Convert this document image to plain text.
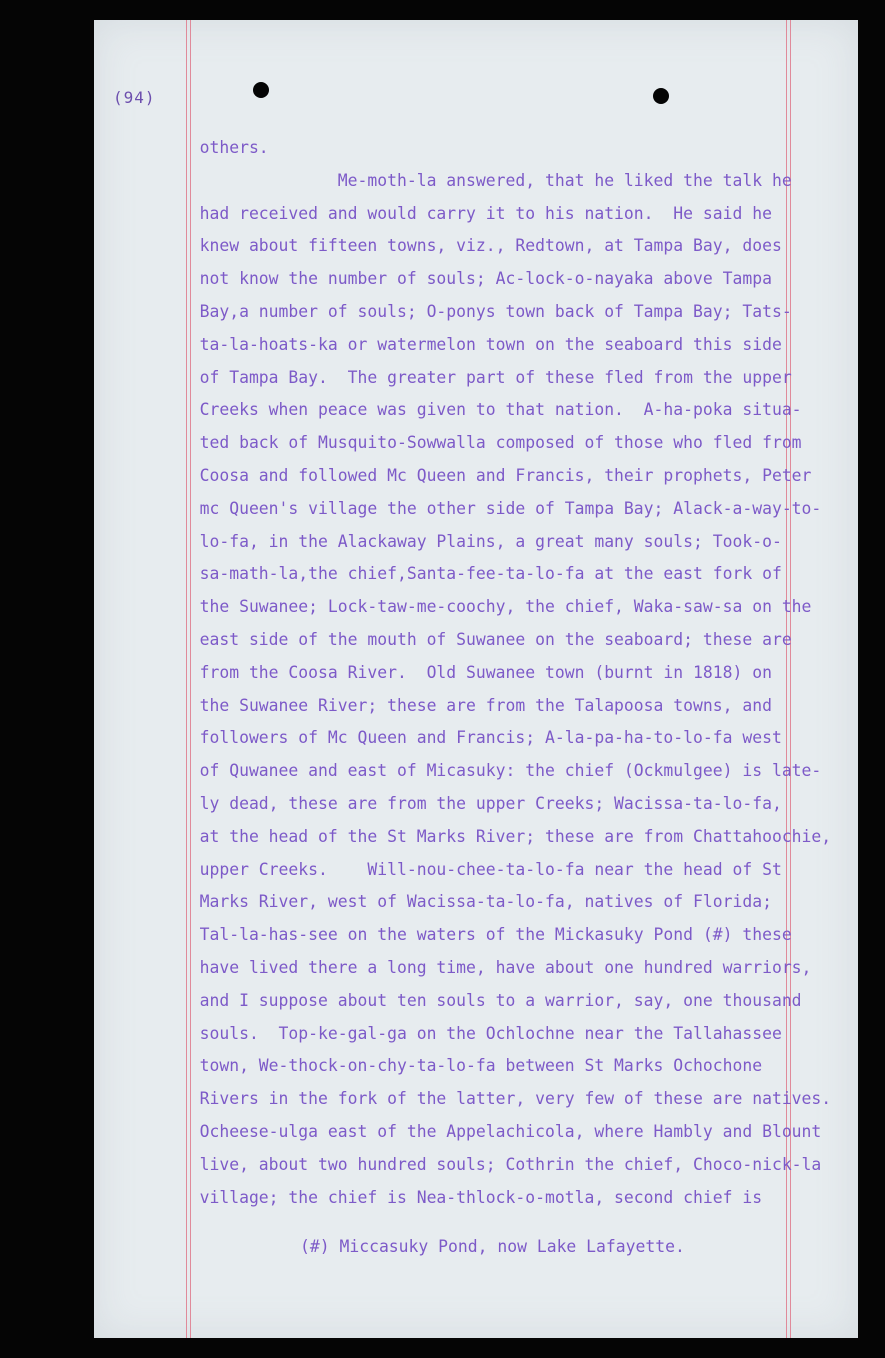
(94)
others.
Me-moth-la answered, that he liked the talk he
had received and would carry it to his nation.  He said he
knew about fifteen towns, viz., Redtown, at Tampa Bay, does
not know the number of souls; Ac-lock-o-nayaka above Tampa
Bay,a number of souls; O-ponys town back of Tampa Bay; Tats-
ta-la-hoats-ka or watermelon town on the seaboard this side
of Tampa Bay.  The greater part of these fled from the upper
Creeks when peace was given to that nation.  A-ha-poka situa-
ted back of Musquito-Sowwalla composed of those who fled from
Coosa and followed Mc Queen and Francis, their prophets, Peter
mc Queen's village the other side of Tampa Bay; Alack-a-way-to-
lo-fa, in the Alackaway Plains, a great many souls; Took-o-
sa-math-la,the chief,Santa-fee-ta-lo-fa at the east fork of
the Suwanee; Lock-taw-me-coochy, the chief, Waka-saw-sa on the
east side of the mouth of Suwanee on the seaboard; these are
from the Coosa River.  Old Suwanee town (burnt in 1818) on
the Suwanee River; these are from the Talapoosa towns, and
followers of Mc Queen and Francis; A-la-pa-ha-to-lo-fa west
of Quwanee and east of Micasuky: the chief (Ockmulgee) is late-
ly dead, these are from the upper Creeks; Wacissa-ta-lo-fa,
at the head of the St Marks River; these are from Chattahoochie,
upper Creeks.    Will-nou-chee-ta-lo-fa near the head of St
Marks River, west of Wacissa-ta-lo-fa, natives of Florida;
Tal-la-has-see on the waters of the Mickasuky Pond (#) these
have lived there a long time, have about one hundred warriors,
and I suppose about ten souls to a warrior, say, one thousand
souls.  Top-ke-gal-ga on the Ochlochne near the Tallahassee
town, We-thock-on-chy-ta-lo-fa between St Marks Ochochone
Rivers in the fork of the latter, very few of these are natives.
Ocheese-ulga east of the Appelachicola, where Hambly and Blount
live, about two hundred souls; Cothrin the chief, Choco-nick-la
village; the chief is Nea-thlock-o-motla, second chief is
(#) Miccasuky Pond, now Lake Lafayette.
